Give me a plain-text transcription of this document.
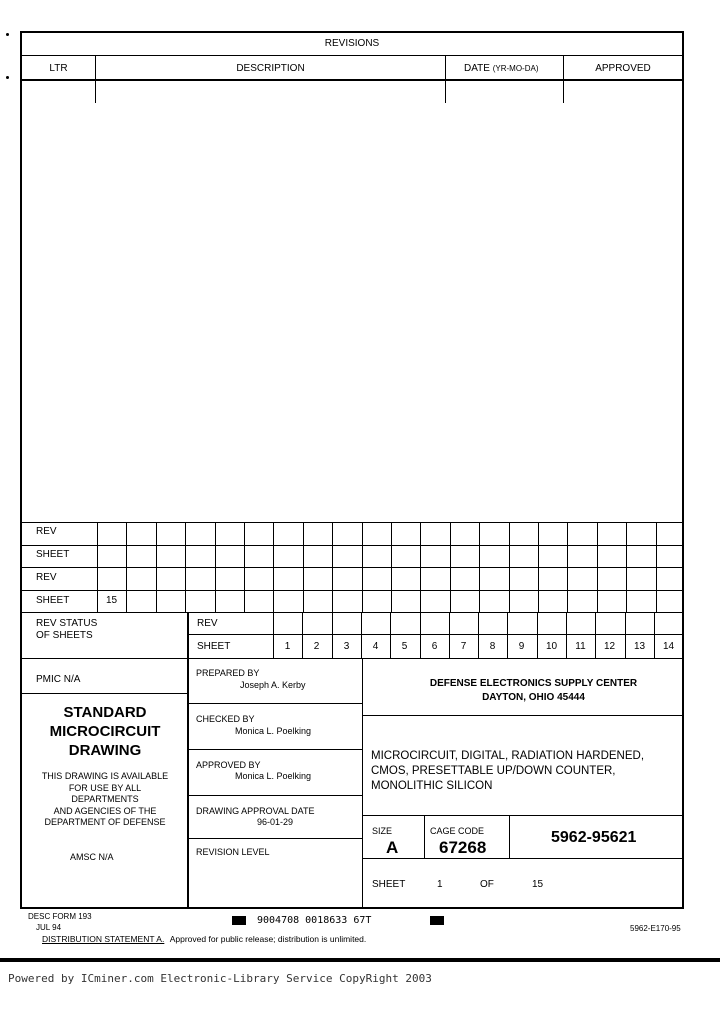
REVISIONS
LTR	DESCRIPTION	DATE (YR-MO-DA)	APPROVED
REV
SHEET
REV
SHEET	15
REV STATUS
OF SHEETS
REV
SHEET	1	2	3	4	5	6	7	8	9	10	11	12	13	14
PMIC N/A
STANDARD
MICROCIRCUIT
DRAWING
THIS DRAWING IS AVAILABLE
FOR USE BY ALL
DEPARTMENTS
AND AGENCIES OF THE
DEPARTMENT OF DEFENSE
AMSC N/A
PREPARED BY
Joseph A. Kerby
CHECKED BY
Monica L. Poelking
APPROVED BY
Monica L. Poelking
DRAWING APPROVAL DATE
96-01-29
REVISION LEVEL
DEFENSE ELECTRONICS SUPPLY CENTER
DAYTON, OHIO 45444
MICROCIRCUIT, DIGITAL, RADIATION HARDENED,
CMOS, PRESETTABLE UP/DOWN COUNTER,
MONOLITHIC SILICON
SIZE
A
CAGE CODE
67268
5962-95621
SHEET	1	OF	15
DESC FORM 193
JUL 94
9004708 0018633 67T
5962-E170-95
DISTRIBUTION STATEMENT A. Approved for public release; distribution is unlimited.
Powered by ICminer.com Electronic-Library Service CopyRight 2003
